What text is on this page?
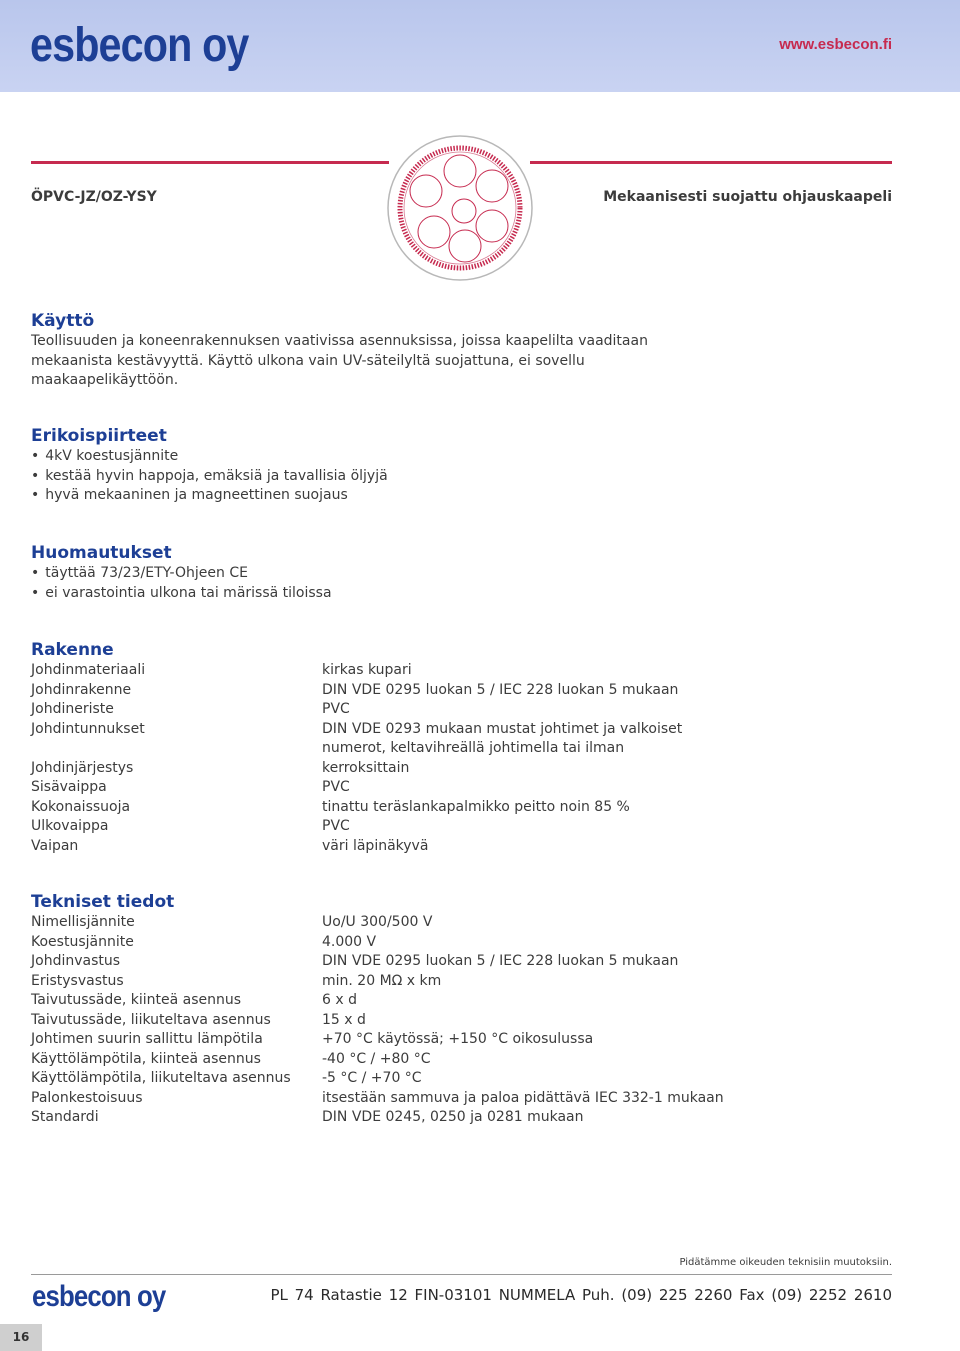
esbecon oy	www.esbecon.fi
ÖPVC-JZ/OZ-YSY	Mekaanisesti suojattu ohjauskaapeli
Käyttö

Teollisuuden ja koneenrakennuksen vaativissa asennuksissa, joissa kaapelilta vaaditaan
mekaanista kestävyyttä. Käyttö ulkona vain UV-säteilyltä suojattuna, ei sovellu
maakaapelikäyttöön.

Erikoispiirteet
• 4kV koestusjännite
• kestää hyvin happoja, emäksiä ja tavallisia öljyjä
• hyvä mekaaninen ja magneettinen suojaus
Huomautukset
• täyttää 73/23/ETY-Ohjeen CE
• ei varastointia ulkona tai märissä tiloissa
Rakenne
Johdinmateriaali	kirkas kupari
Johdinrakenne	DIN VDE 0295 luokan 5 / IEC 228 luokan 5 mukaan
Johdineriste	PVC
Johdintunnukset	DIN VDE 0293 mukaan mustat johtimet ja valkoiset
numerot, keltavihreällä johtimella tai ilman
Johdinjärjestys	kerroksittain
Sisävaippa	PVC
Kokonaissuoja	tinattu teräslankapalmikko peitto noin 85 %
Ulkovaippa	PVC
Vaipan	väri läpinäkyvä
Tekniset tiedot
Nimellisjännite	Uo/U 300/500 V
Koestusjännite	4.000 V
Johdinvastus	DIN VDE 0295 luokan 5 / IEC 228 luokan 5 mukaan
Eristysvastus	min. 20 MΩ x km
Taivutussäde, kiinteä asennus	6 x d
Taivutussäde, liikuteltava asennus	15 x d
Johtimen suurin sallittu lämpötila	+70 °C käytössä; +150 °C oikosulussa
Käyttölämpötila, kiinteä asennus	-40 °C / +80 °C
Käyttölämpötila, liikuteltava asennus	-5 °C / +70 °C
Palonkestoisuus	itsestään sammuva ja paloa pidättävä IEC 332-1 mukaan
Standardi	DIN VDE 0245, 0250 ja 0281 mukaan
Pidätämme oikeuden teknisiin muutoksiin.
esbecon oy	PL 74 Ratastie 12 FIN-03101 NUMMELA Puh. (09) 225 2260 Fax (09) 2252 2610
16
